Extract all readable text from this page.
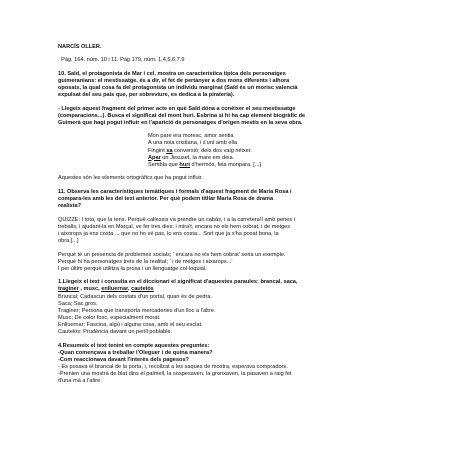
NARCÍS OLLER.
. Pàg. 164, núm. 10 i 11. Pàg 179, núm. 1,4,5,6,7,9
10. Saïd, el protagonista de Mar i cel, mostra un característica típica dels personatges
guimeranians: el mestissatge, és a dir, el fet de pertànyer a dos mons diferents i alhora
oposats, la qual cosa fa del protagonista un individu marginat (Saïd és un morisc valencià
expulsat del seu país que, per sobreviure, es dedica a la pirateria).
- Llegeix aquest fragment del primer acte en què Saïd dóna a conèixer el seu mestissatge
(comparacions...). Busca el significat del mont huri. Esbrina si hi ha cap element biogràfic de
Guimerà que hagi pogut influir en l'aparició de personatges d'origen mestís en la seva obra.
Mon pare era moresc, amor sentia
A una noia cristiana, i s'uní amb ella
Fingint sa conversió; dels dos vaig néixer.
Apar un Jesuset, la mare em deia.
Sembla que huri d'hermós, feia monpara. [...]
Aquestes són les elements ortogràfics que ha pogut influir.
11. Observa les característiques temàtiques i formals d'aquest fragment de Maria Rosa i
compara-les amb les del text anterior. Per què podem titllar Maria Rosa de drama
realista?
QUIZZE: I tota, que la tens. Perquè callessis va prendre un cabàs, i a la carretera!I amb penes i
treballs, i ajudant-la en Marçal, ve fer tres dies; i mira't, encara no els hem cobrat, i de metges
i aixorops ja ens costa ... que no ho sé pas, lo ens costa... Sort que ja s'ha posat bona, la
obra.[...]
Perquè té un presencia de problemes socials; ' encara no els hem cobrat' seria un exemple.
Perquè hi ha personatges trets de la realitat; ' i de metges i aixarops...'
I per últim perquè utilitza la prosa i un llenguatge col·loquial.
1.Llegeix el text i consulta en el diccionari el significat d'aquestes paraules: brancal, saca,
traginer , musc, enlluernar, cautelós
Brancal; Cadascun dels costats d'un portal, quan és de pedra.
Saca; Sac gros.
Traginer; Persona que transporta mercaderies d'un lloc a l'altre.
Musc; De color fosc, especialment morat.
Enlluernar; Fascina, algú i alguna cosa, amb el seu esclat.
Cautelós; Prudència davant un perill poblable.
4.Resumeix el text tenint en compte aquestes preguntes:
-Quan començava a treballar l'Oleguer i de quina manera?
-Com reaccionava davant l'interès dels pagesos?
- Es posava el brancal de la porta, i, recollzat a les saques de mostra, esperava compradors.
-Prenien una mostra de blat dins el palmell, la sospesaven, la gronxaven, la pasaven a raig fet
d'una mà a l'altre.
